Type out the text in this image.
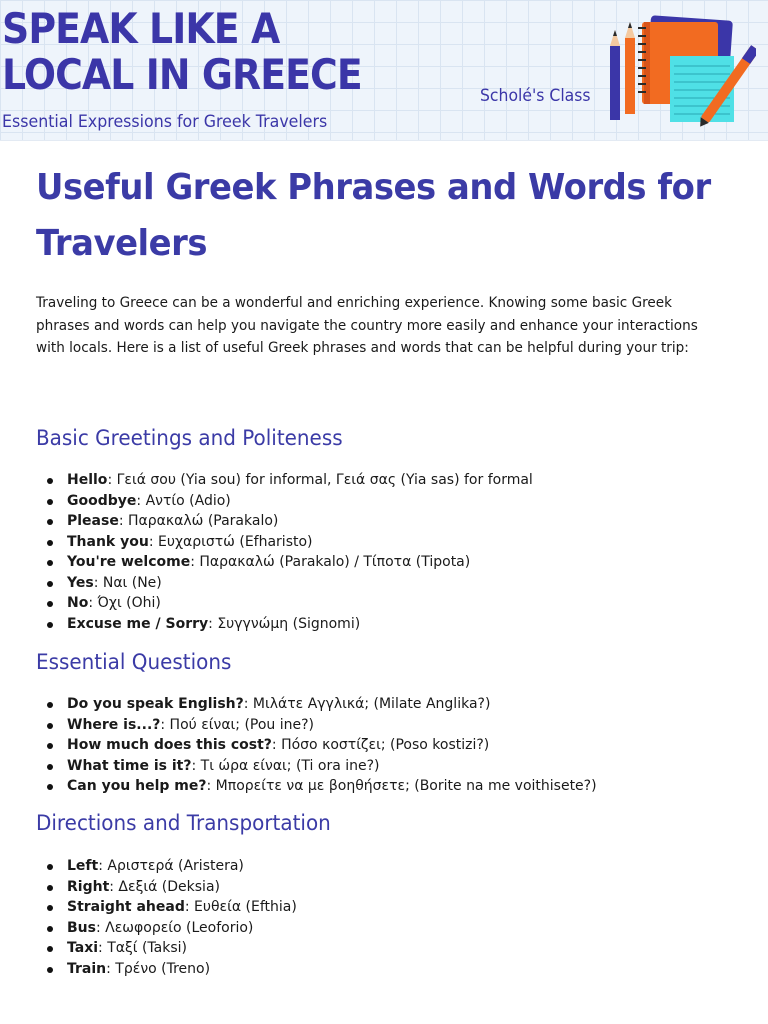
SPEAK LIKE A
LOCAL IN GREECE
Essential Expressions for Greek Travelers
Scholé's Class
Useful Greek Phrases and Words for Travelers

Traveling to Greece can be a wonderful and enriching experience. Knowing some basic Greek phrases and words can help you navigate the country more easily and enhance your interactions with locals. Here is a list of useful Greek phrases and words that can be helpful during your trip:

Basic Greetings and Politeness
Hello: Γειά σου (Yia sou) for informal, Γειά σας (Yia sas) for formal
Goodbye: Αντίο (Adio)
Please: Παρακαλώ (Parakalo)
Thank you: Ευχαριστώ (Efharisto)
You're welcome: Παρακαλώ (Parakalo) / Τίποτα (Tipota)
Yes: Ναι (Ne)
No: Όχι (Ohi)
Excuse me / Sorry: Συγγνώμη (Signomi)
Essential Questions
Do you speak English?: Μιλάτε Αγγλικά; (Milate Anglika?)
Where is...?: Πού είναι; (Pou ine?)
How much does this cost?: Πόσο κοστίζει; (Poso kostizi?)
What time is it?: Τι ώρα είναι; (Ti ora ine?)
Can you help me?: Μπορείτε να με βοηθήσετε; (Borite na me voithisete?)
Directions and Transportation
Left: Αριστερά (Aristera)
Right: Δεξιά (Deksia)
Straight ahead: Ευθεία (Efthia)
Bus: Λεωφορείο (Leoforio)
Taxi: Ταξί (Taksi)
Train: Τρένο (Treno)
